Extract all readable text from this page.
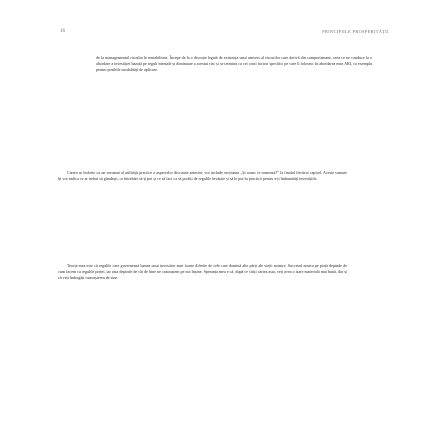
16	PRINCIPIILE PROSPERITĂȚII

de la managementul riscului la rentabilitate. Începe de la o discuție legată de existența unui univers al riscurilor care derivă din comportament, ceea ce ne conduce la o abordare a investiției bazată pe reguli mentale și diminuare a acestui risc și se termină cu cei cinci factori specifici pe care îi folosesc în abordarea mea ARI, ca exemplu pentru posibile modalități de aplicare.

Cartea se încheie cu un rezumat al utilității practice a aspectelor discutate anterior, voi include secțiunea „Și acum ce urmează?” la finalul fiecărui capitol. Aceste sumare îți vor indica ce ar trebui să gândești, ce întrebări să-ți pui și ce să faci ca să profiți de regulile învățate și să le pui în practică pentru a-ți îmbunătăți investițiile.

Teoria mea este că regulile care guvernează lumea unui investitor sunt foarte diferite de cele care domină alte părți ale vieții noastre. Succesul nostru pe piață depinde de cum facem ca regulile pieței, iar asta depinde de cât de bine ne cunoaștem pe noi înșine. Speranța mea e că, după ce citiți cartea asta, veți avea o stare materială mai bună, dar și că veți îmbogăți cunoașterea de sine.
